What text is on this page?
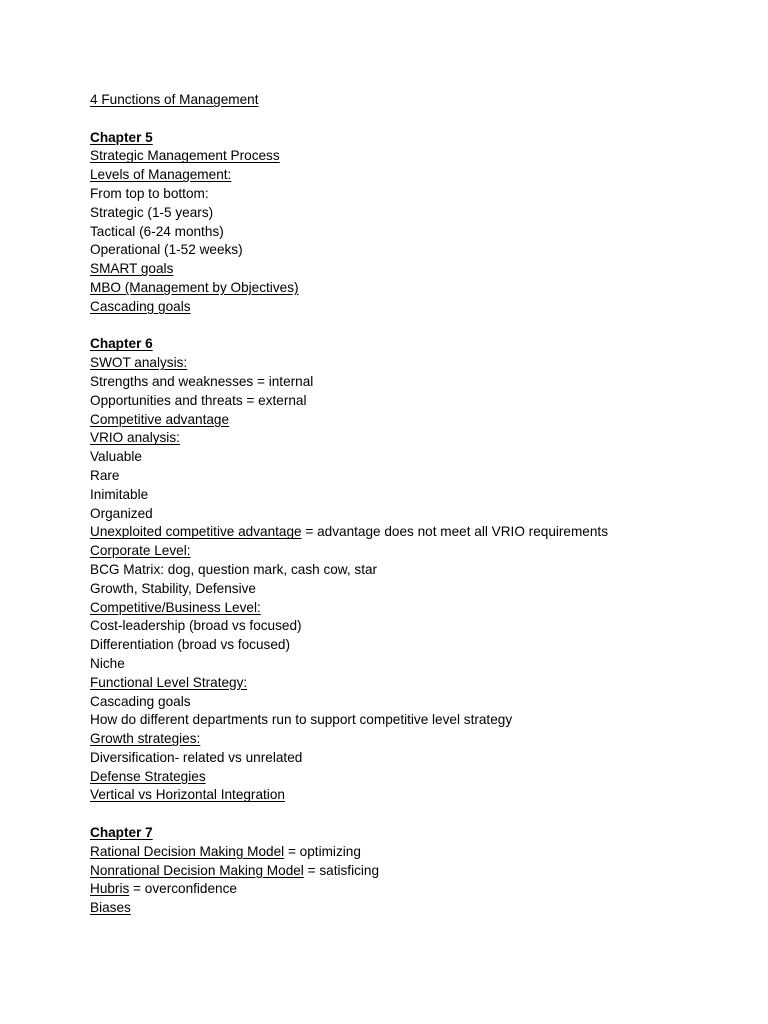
4 Functions of Management
Chapter 5
Strategic Management Process
Levels of Management:
From top to bottom:
Strategic (1-5 years)
Tactical (6-24 months)
Operational (1-52 weeks)
SMART goals
MBO (Management by Objectives)
Cascading goals
Chapter 6
SWOT analysis:
Strengths and weaknesses = internal
Opportunities and threats = external
Competitive advantage
VRIO analysis:
Valuable
Rare
Inimitable
Organized
Unexploited competitive advantage = advantage does not meet all VRIO requirements
Corporate Level:
BCG Matrix: dog, question mark, cash cow, star
Growth, Stability, Defensive
Competitive/Business Level:
Cost-leadership (broad vs focused)
Differentiation (broad vs focused)
Niche
Functional Level Strategy:
Cascading goals
How do different departments run to support competitive level strategy
Growth strategies:
Diversification- related vs unrelated
Defense Strategies
Vertical vs Horizontal Integration
Chapter 7
Rational Decision Making Model = optimizing
Nonrational Decision Making Model = satisficing
Hubris = overconfidence
Biases
